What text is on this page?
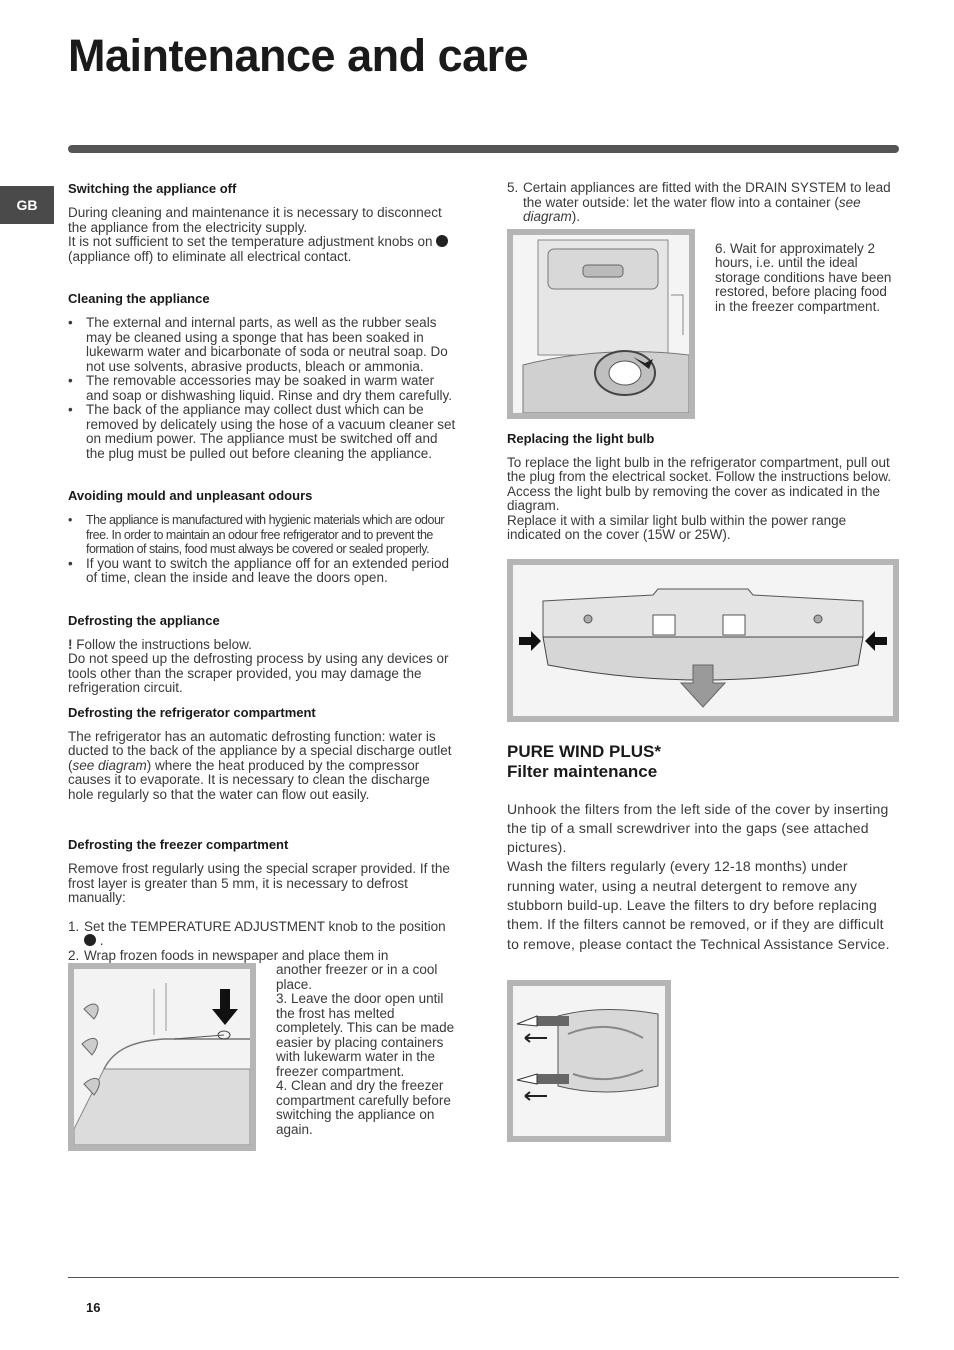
Maintenance and care
GB
Switching the appliance off

During cleaning and maintenance it is necessary to disconnect the appliance from the electricity supply.

It is not sufficient to set the temperature adjustment knobs on  (appliance off) to eliminate all electrical contact.

Cleaning the appliance
• The external and internal parts, as well as the rubber seals may be cleaned using a sponge that has been soaked in lukewarm water and bicarbonate of soda or neutral soap. Do not use solvents, abrasive products, bleach or ammonia.
• The removable accessories may be soaked in warm water and soap or dishwashing liquid. Rinse and dry them carefully.
• The back of the appliance may collect dust which can be removed by delicately using the hose of a vacuum cleaner set on medium power. The appliance must be switched off and the plug must be pulled out before cleaning the appliance.
Avoiding mould and unpleasant odours
• The appliance is manufactured with hygienic materials which are odour free. In order to maintain an odour free refrigerator and to prevent the formation of stains, food must always be covered or sealed properly.
• If you want to switch the appliance off for an extended period of time, clean the inside and leave the doors open.
Defrosting the appliance

! Follow the instructions below.

Do not speed up the defrosting process by using any devices or tools other than the scraper provided, you may damage the refrigeration circuit.

Defrosting the refrigerator compartment

The refrigerator has an automatic defrosting function: water is ducted to the back of the appliance by a special discharge outlet (see diagram) where the heat produced by the compressor causes it to evaporate. It is necessary to clean the discharge hole regularly so that the water can flow out easily.

Defrosting the freezer compartment

Remove frost regularly using the special scraper provided. If the frost layer is greater than 5 mm, it is necessary to defrost manually:

1. Set the TEMPERATURE ADJUSTMENT knob to the position  .
2. Wrap frozen foods in newspaper and place them in

another freezer or in a cool place.

3. Leave the door open until the frost has melted completely. This can be made easier by placing containers with lukewarm water in the freezer compartment.

4. Clean and dry the freezer compartment carefully before switching the appliance on again.

5. Certain appliances are fitted with the DRAIN SYSTEM to lead the water outside: let the water flow into a container (see diagram).

6. Wait for approximately 2 hours, i.e. until the ideal storage conditions have been restored, before placing food in the freezer compartment.

Replacing the light bulb

To replace the light bulb in the refrigerator compartment, pull out the plug from the electrical socket. Follow the instructions below.

Access the light bulb by removing the cover as indicated in the diagram.

Replace it with a similar light bulb within the power range indicated on the cover (15W or 25W).

PURE WIND PLUS*
Filter maintenance

Unhook the filters from the left side of the cover by inserting the tip of a small screwdriver into the gaps (see attached pictures).

Wash the filters regularly (every 12-18 months) under running water, using a neutral detergent to remove any stubborn build-up. Leave the filters to dry before replacing them. If the filters cannot be removed, or if they are difficult to remove, please contact the Technical Assistance Service.

16
